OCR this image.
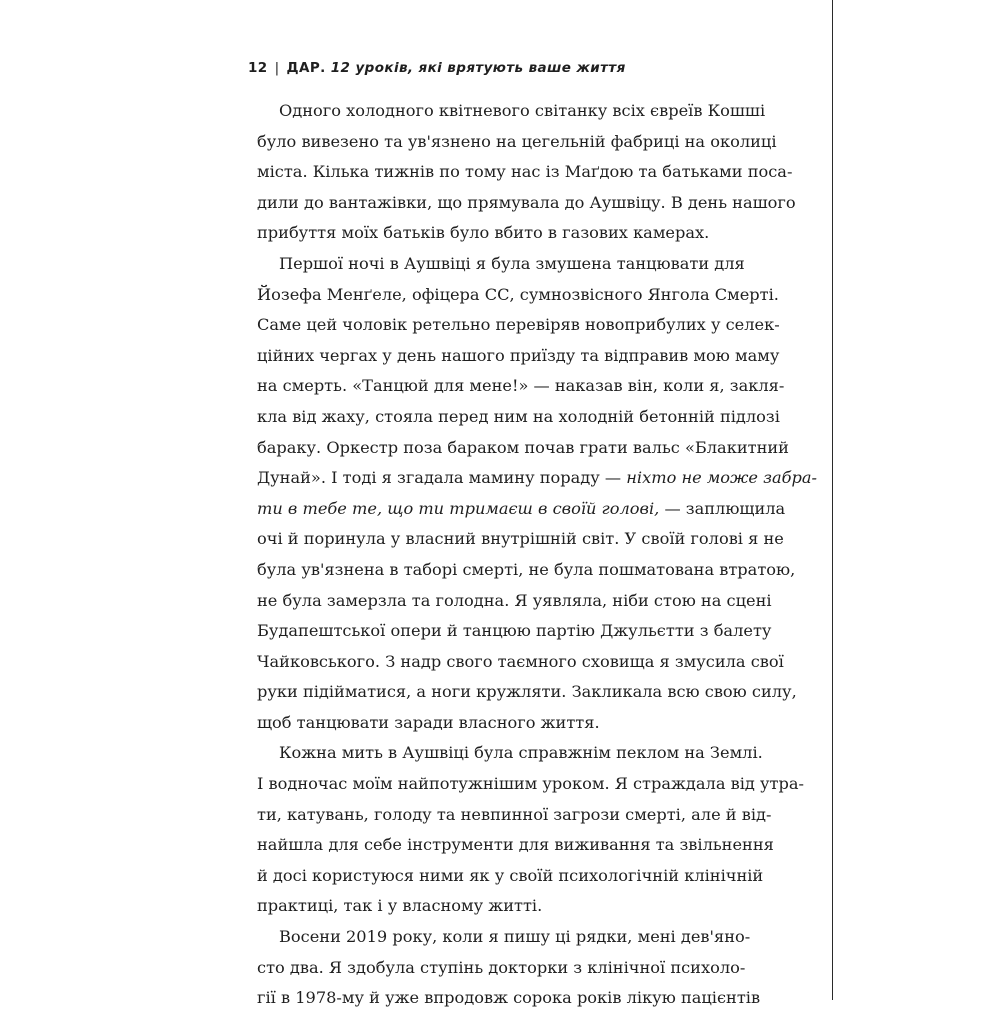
12 | ДАР. 12 уроків, які врятують ваше життя
Одного холодного квітневого світанку всіх євреїв Кошші
було вивезено та ув'язнено на цегельній фабриці на околиці
міста. Кілька тижнів по тому нас із Маґдою та батьками поса-
дили до вантажівки, що прямувала до Аушвіцу. В день нашого
прибуття моїх батьків було вбито в газових камерах.
Першої ночі в Аушвіці я була змушена танцювати для
Йозефа Менґеле, офіцера СС, сумнозвісного Янгола Смерті.
Саме цей чоловік ретельно перевіряв новоприбулих у селек-
ційних чергах у день нашого приїзду та відправив мою маму
на смерть. «Танцюй для мене!» — наказав він, коли я, закля-
кла від жаху, стояла перед ним на холодній бетонній підлозі
бараку. Оркестр поза бараком почав грати вальс «Блакитний
Дунай». І тоді я згадала мамину пораду — ніхто не може забра-
ти в тебе те, що ти тримаєш в своїй голові, — заплющила
очі й поринула у власний внутрішній світ. У своїй голові я не
була ув'язнена в таборі смерті, не була пошматована втратою,
не була замерзла та голодна. Я уявляла, ніби стою на сцені
Будапештської опери й танцюю партію Джульєтти з балету
Чайковського. З надр свого таємного сховища я змусила свої
руки підійматися, а ноги кружляти. Закликала всю свою силу,
щоб танцювати заради власного життя.
Кожна мить в Аушвіці була справжнім пеклом на Землі.
І водночас моїм найпотужнішим уроком. Я страждала від утра-
ти, катувань, голоду та невпинної загрози смерті, але й від-
найшла для себе інструменти для виживання та звільнення
й досі користуюся ними як у своїй психологічній клінічній
практиці, так і у власному житті.
Восени 2019 року, коли я пишу ці рядки, мені дев'яно-
сто два. Я здобула ступінь докторки з клінічної психоло-
гії в 1978-му й уже впродовж сорока років лікую пацієнтів
